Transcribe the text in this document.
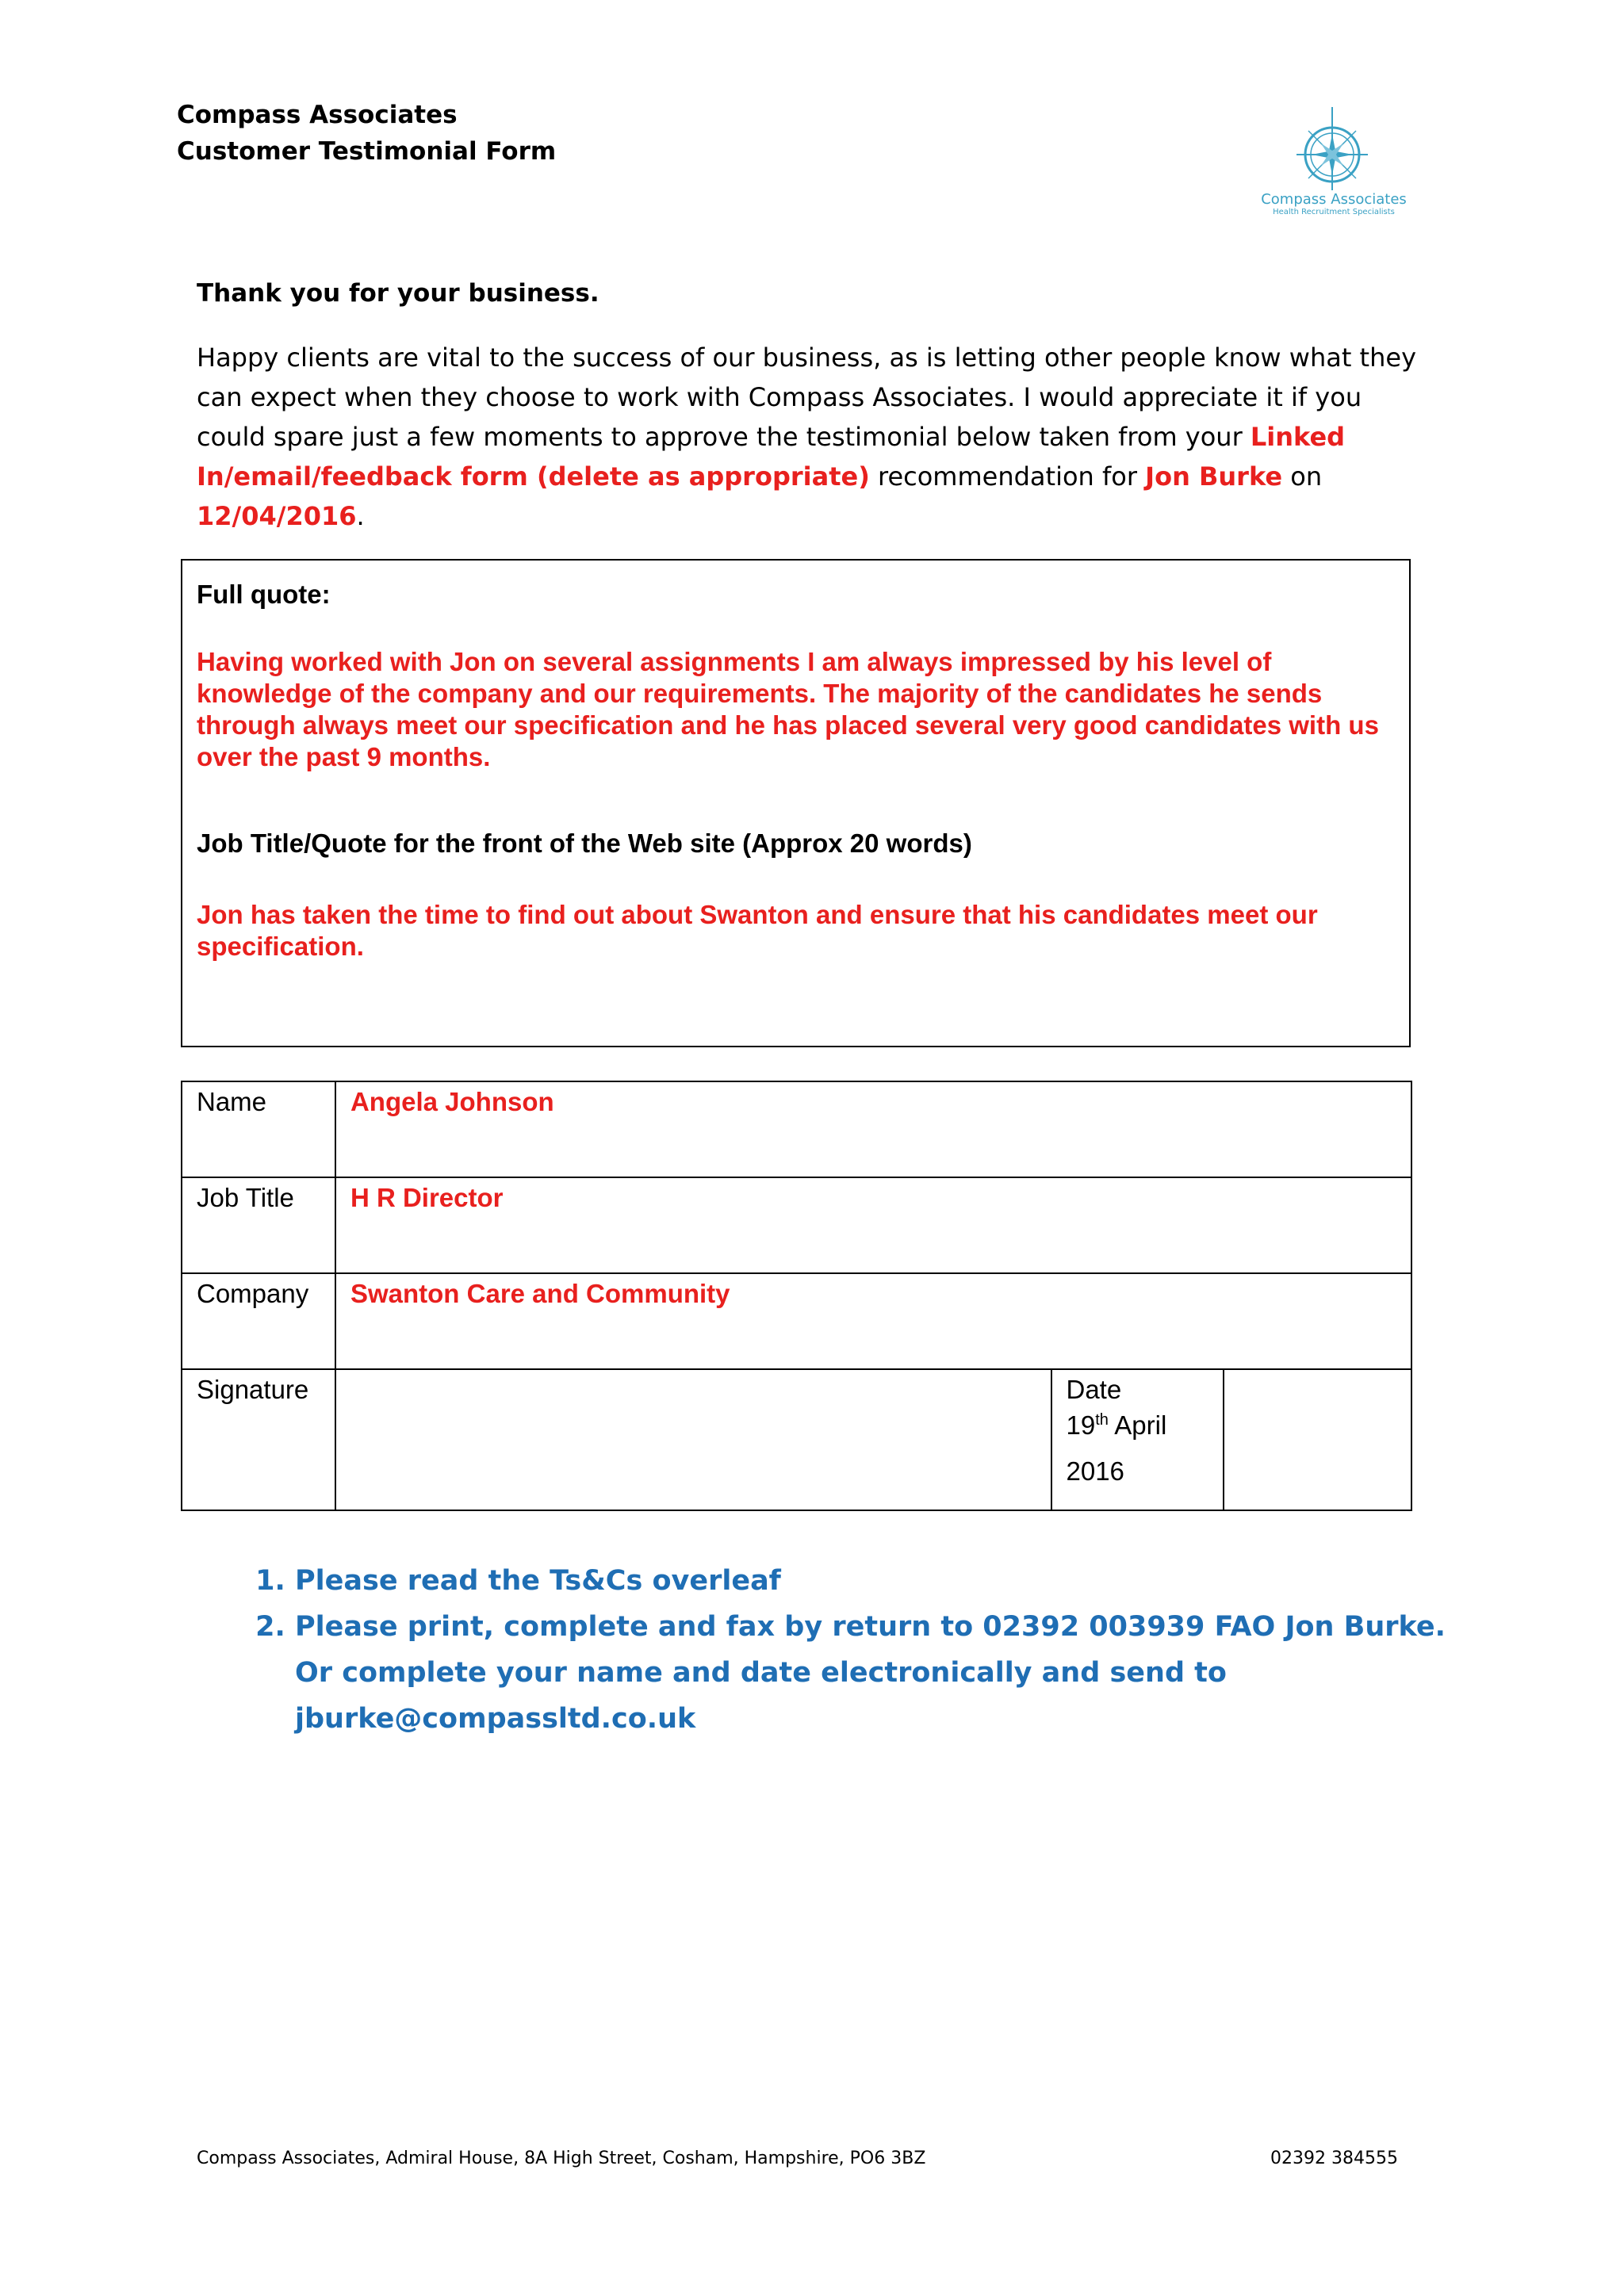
Compass Associates
Customer Testimonial Form
Compass Associates
Health Recruitment Specialists
Thank you for your business.
Happy clients are vital to the success of our business, as is letting other people know what they can expect when they choose to work with Compass Associates. I would appreciate it if you could spare just a few moments to approve the testimonial below taken from your Linked In/email/feedback form (delete as appropriate) recommendation for Jon Burke on 12/04/2016.
Full quote:
Having worked with Jon on several assignments I am always impressed by his level of knowledge of the company and our requirements. The majority of the candidates he sends through always meet our specification and he has placed several very good candidates with us over the past 9 months.
Job Title/Quote for the front of the Web site (Approx 20 words)
Jon has taken the time to find out about Swanton and ensure that his candidates meet our specification.
Name	Angela Johnson		
Job Title	H R Director		
Company	Swanton Care and Community		
Signature		Date
19th April
2016	

1. Please read the Ts&Cs overleaf
2. Please print, complete and fax by return to 02392 003939 FAO Jon Burke. Or complete your name and date electronically and send to jburke@compassltd.co.uk
Compass Associates, Admiral House, 8A High Street, Cosham, Hampshire, PO6 3BZ	02392 384555
